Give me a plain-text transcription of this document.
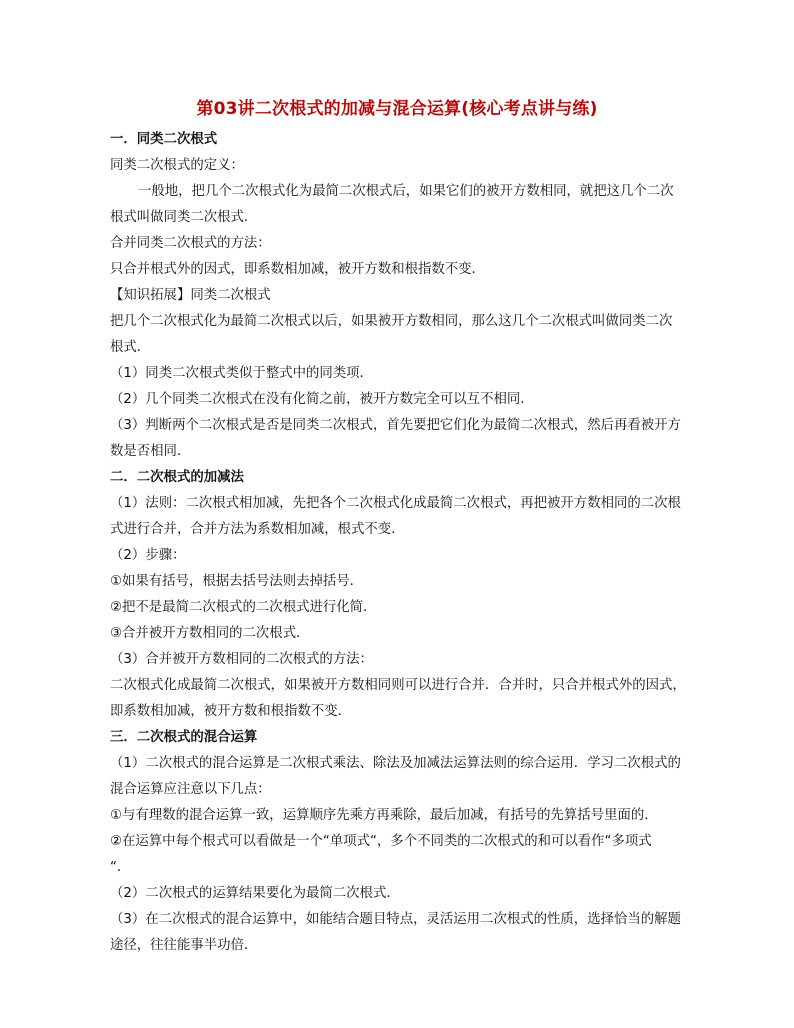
第03讲二次根式的加减与混合运算(核心考点讲与练)
一．同类二次根式
同类二次根式的定义：
一般地，把几个二次根式化为最简二次根式后，如果它们的被开方数相同，就把这几个二次
根式叫做同类二次根式．
合并同类二次根式的方法：
只合并根式外的因式，即系数相加减，被开方数和根指数不变．
【知识拓展】同类二次根式
把几个二次根式化为最简二次根式以后，如果被开方数相同，那么这几个二次根式叫做同类二次
根式．
（1）同类二次根式类似于整式中的同类项．
（2）几个同类二次根式在没有化简之前，被开方数完全可以互不相同．
（3）判断两个二次根式是否是同类二次根式，首先要把它们化为最简二次根式，然后再看被开方
数是否相同．
二．二次根式的加减法
（1）法则：二次根式相加减，先把各个二次根式化成最简二次根式，再把被开方数相同的二次根
式进行合并，合并方法为系数相加减，根式不变．
（2）步骤：
①如果有括号，根据去括号法则去掉括号．
②把不是最简二次根式的二次根式进行化简．
③合并被开方数相同的二次根式．
（3）合并被开方数相同的二次根式的方法：
二次根式化成最简二次根式，如果被开方数相同则可以进行合并．合并时，只合并根式外的因式，
即系数相加减，被开方数和根指数不变．
三．二次根式的混合运算
（1）二次根式的混合运算是二次根式乘法、除法及加减法运算法则的综合运用．学习二次根式的
混合运算应注意以下几点：
①与有理数的混合运算一致，运算顺序先乘方再乘除，最后加减，有括号的先算括号里面的．
②在运算中每个根式可以看做是一个“单项式“，多个不同类的二次根式的和可以看作“多项式
“．
（2）二次根式的运算结果要化为最简二次根式．
（3）在二次根式的混合运算中，如能结合题目特点，灵活运用二次根式的性质，选择恰当的解题
途径，往往能事半功倍．
